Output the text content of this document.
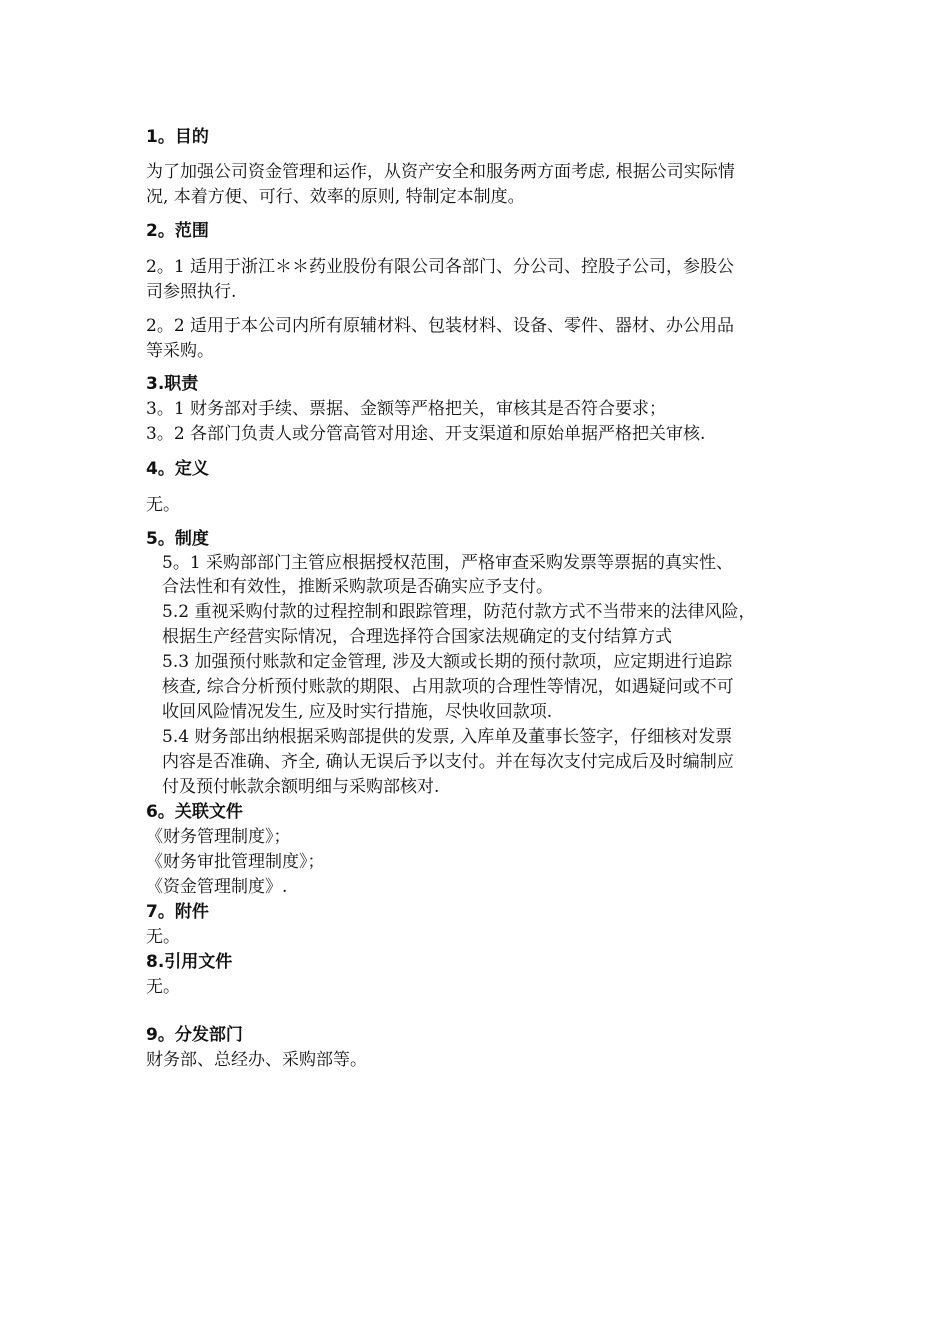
1。目的
为了加强公司资金管理和运作，从资产安全和服务两方面考虑, 根据公司实际情
况, 本着方便、可行、效率的原则, 特制定本制度。
2。范围
2。1 适用于浙江＊＊药业股份有限公司各部门、分公司、控股子公司，参股公
司参照执行.
2。2 适用于本公司内所有原辅材料、包装材料、设备、零件、器材、办公用品
等采购。
3.职责
3。1 财务部对手续、票据、金额等严格把关，审核其是否符合要求；
3。2 各部门负责人或分管高管对用途、开支渠道和原始单据严格把关审核.
4。定义
无。
5。制度
5。1 采购部部门主管应根据授权范围，严格审查采购发票等票据的真实性、
合法性和有效性，推断采购款项是否确实应予支付。
5.2 重视采购付款的过程控制和跟踪管理，防范付款方式不当带来的法律风险，
根据生产经营实际情况，合理选择符合国家法规确定的支付结算方式
5.3 加强预付账款和定金管理, 涉及大额或长期的预付款项，应定期进行追踪
核查, 综合分析预付账款的期限、占用款项的合理性等情况，如遇疑问或不可
收回风险情况发生, 应及时实行措施，尽快收回款项.
5.4 财务部出纳根据采购部提供的发票, 入库单及董事长签字，仔细核对发票
内容是否准确、齐全, 确认无误后予以支付。并在每次支付完成后及时编制应
付及预付帐款余额明细与采购部核对.
6。关联文件
《财务管理制度》；
《财务审批管理制度》；
《资金管理制度》.
7。附件
无。
8.引用文件
无。
9。分发部门
财务部、总经办、采购部等。
